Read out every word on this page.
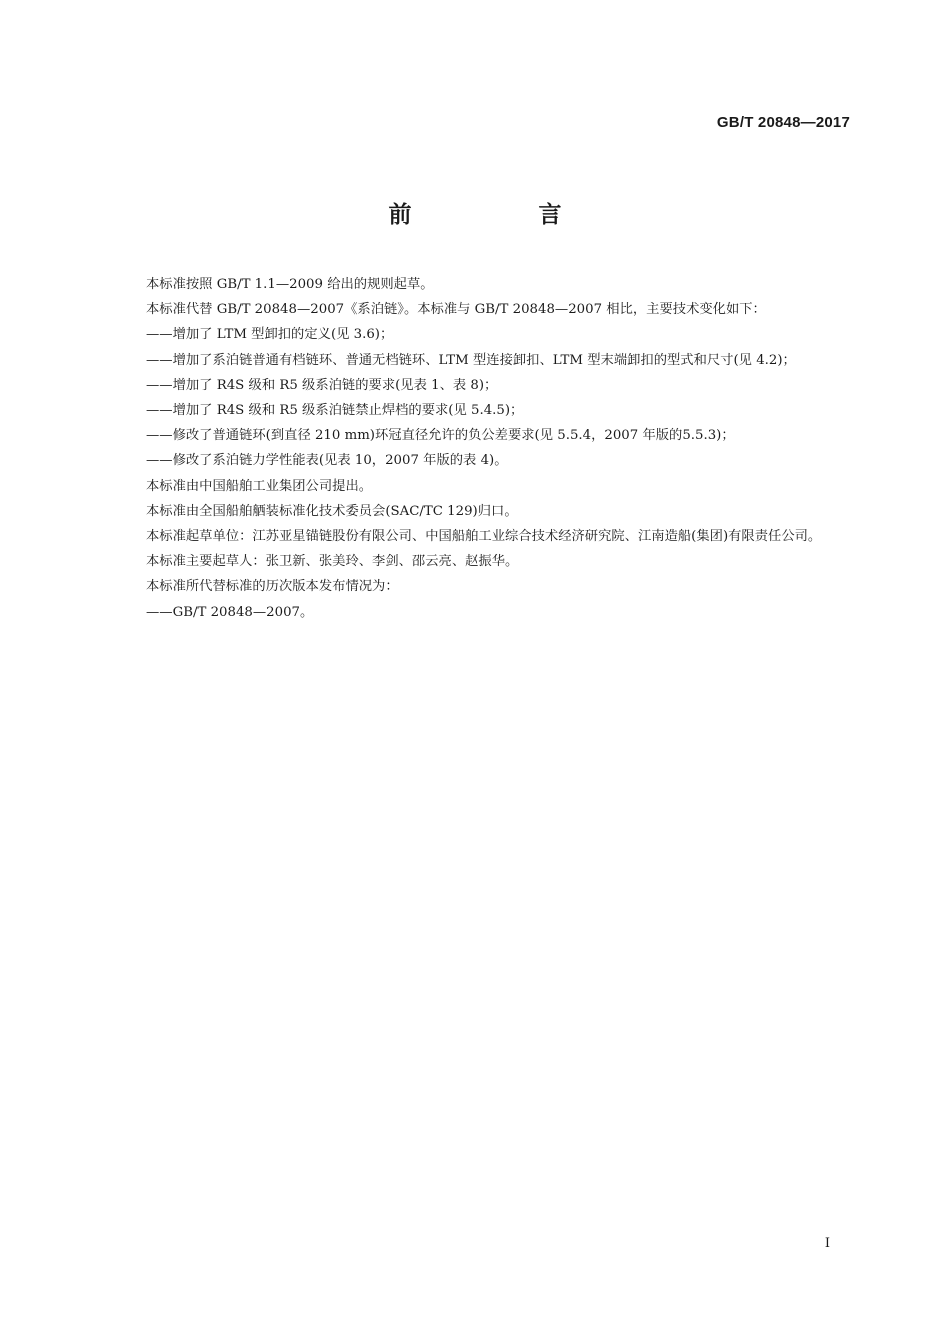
GB/T 20848—2017
前　言

本标准按照 GB/T 1.1—2009 给出的规则起草。

本标准代替 GB/T 20848—2007《系泊链》。本标准与 GB/T 20848—2007 相比，主要技术变化如下：

——增加了 LTM 型卸扣的定义(见 3.6)；

——增加了系泊链普通有档链环、普通无档链环、LTM 型连接卸扣、LTM 型末端卸扣的型式和尺寸(见 4.2)；

——增加了 R4S 级和 R5 级系泊链的要求(见表 1、表 8)；

——增加了 R4S 级和 R5 级系泊链禁止焊档的要求(见 5.4.5)；

——修改了普通链环(到直径 210 mm)环冠直径允许的负公差要求(见 5.5.4，2007 年版的5.5.3)；

——修改了系泊链力学性能表(见表 10，2007 年版的表 4)。

本标准由中国船舶工业集团公司提出。

本标准由全国船舶舾装标准化技术委员会(SAC/TC 129)归口。

本标准起草单位：江苏亚星锚链股份有限公司、中国船舶工业综合技术经济研究院、江南造船(集团)有限责任公司。

本标准主要起草人：张卫新、张美玲、李剑、邵云亮、赵振华。

本标准所代替标准的历次版本发布情况为：

——GB/T 20848—2007。

I
